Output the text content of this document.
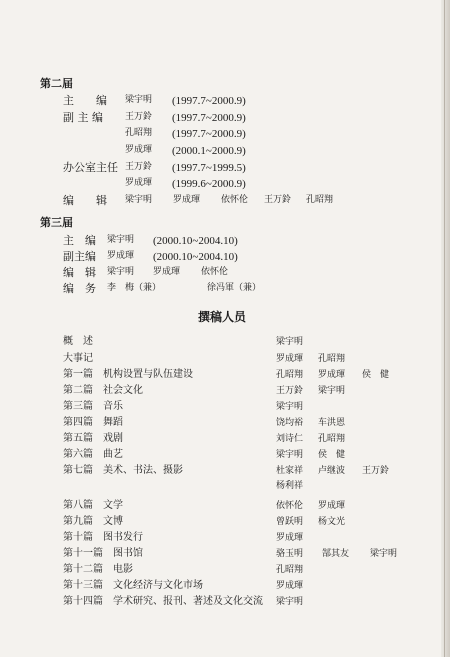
第二届
主　　编 梁宇明 (1997.7~2000.9)
副 主 编 王万鈴 (1997.7~2000.9)
孔昭翔 (1997.7~2000.9)
罗成琿 (2000.1~2000.9)
办公室主任 王万鈴 (1997.7~1999.5)
罗成琿 (1999.6~2000.9)
编　　辑 梁宇明 罗成琿 依怀伦 王万鈴 孔昭翔
第三届
主　编 梁宇明 (2000.10~2004.10)
副主编 罗成琿 (2000.10~2004.10)
编　辑 梁宇明 罗成琿 依怀伦
编　务 李　梅（兼）	徐冯軍（兼）
撰稿人员
概　述	梁宇明
大事记	罗成琿 孔昭翔
第一篇　机构设置与队伍建设	孔昭翔 罗成琿 侯　健
第二篇　社会文化	王万鈴 梁宇明
第三篇　音乐	梁宇明
第四篇　舞蹈	饶均裕 车洪恩
第五篇　戏剧	刘诗仁 孔昭翔
第六篇　曲艺	梁宇明 侯　健
第七篇　美术、书法、摄影	杜家祥 卢继波 王万鈴
杨利祥
第八篇　文学	依怀伦 罗成琿
第九篇　文博	曾跃明 杨文光
第十篇　图书发行	罗成琿
第十一篇　图书馆	骆玉明 郜其友 梁宇明
第十二篇　电影	孔昭翔
第十三篇　文化经济与文化市场	罗成琿
第十四篇　学术研究、报刊、著述及文化交流 梁宇明
